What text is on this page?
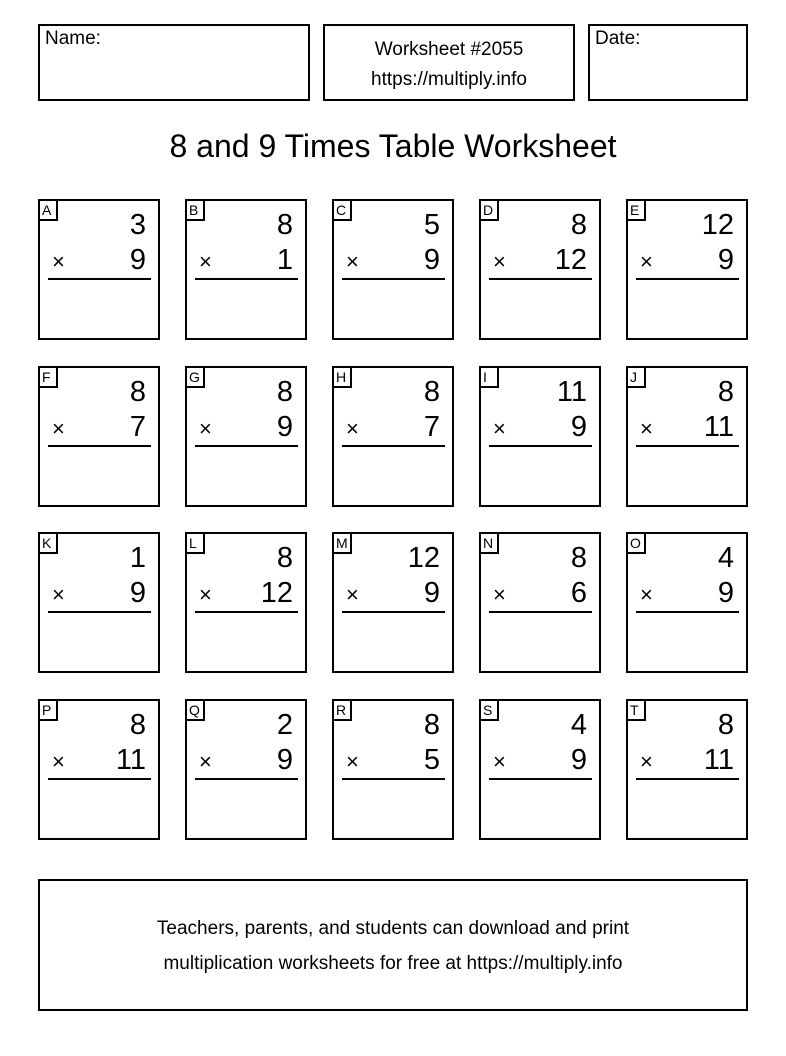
Name:
Worksheet #2055
https://multiply.info
Date:
8 and 9 Times Table Worksheet
A	3
× 9
B	8
× 1
C	5
× 9
D	8
× 12
E 12
× 9
F	8
× 7
G	8
× 9
H	8
× 7
I	11
× 9
J	8
× 11
K	1
× 9
L	8
× 12
M 12
× 9
N	8
× 6
O	4
× 9
P	8
× 11
Q	2
× 9
R	8
× 5
S	4
× 9
T	8
× 11
Teachers, parents, and students can download and print
multiplication worksheets for free at https://multiply.info
